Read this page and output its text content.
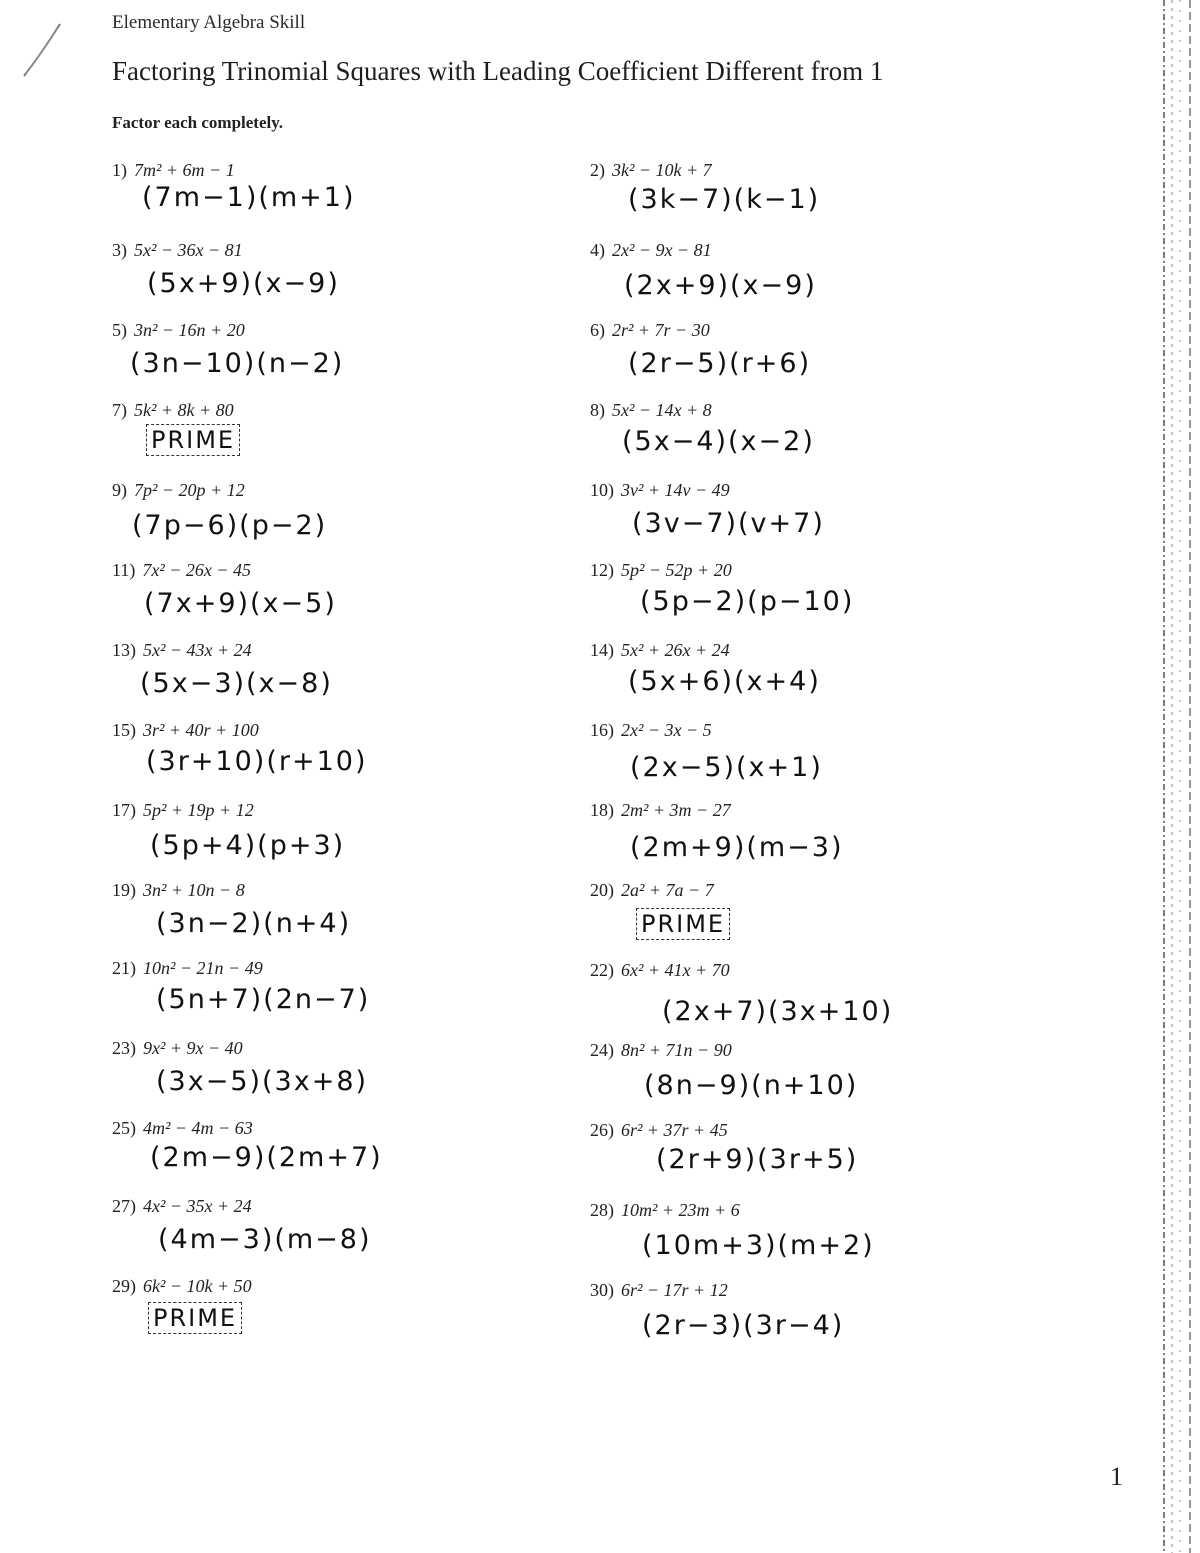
Elementary Algebra Skill
Factoring Trinomial Squares with Leading Coefficient Different from 1
Factor each completely.
1) 7m² + 6m − 1
(7m−1)(m+1)
3) 5x² − 36x − 81
(5x+9)(x−9)
5) 3n² − 16n + 20
(3n−10)(n−2)
7) 5k² + 8k + 80
PRIME
9) 7p² − 20p + 12
(7p−6)(p−2)
11) 7x² − 26x − 45
(7x+9)(x−5)
13) 5x² − 43x + 24
(5x−3)(x−8)
15) 3r² + 40r + 100
(3r+10)(r+10)
17) 5p² + 19p + 12
(5p+4)(p+3)
19) 3n² + 10n − 8
(3n−2)(n+4)
21) 10n² − 21n − 49
(5n+7)(2n−7)
23) 9x² + 9x − 40
(3x−5)(3x+8)
25) 4m² − 4m − 63
(2m−9)(2m+7)
27) 4x² − 35x + 24
(4m−3)(m−8)
29) 6k² − 10k + 50
PRIME
2) 3k² − 10k + 7
(3k−7)(k−1)
4) 2x² − 9x − 81
(2x+9)(x−9)
6) 2r² + 7r − 30
(2r−5)(r+6)
8) 5x² − 14x + 8
(5x−4)(x−2)
10) 3v² + 14v − 49
(3v−7)(v+7)
12) 5p² − 52p + 20
(5p−2)(p−10)
14) 5x² + 26x + 24
(5x+6)(x+4)
16) 2x² − 3x − 5
(2x−5)(x+1)
18) 2m² + 3m − 27
(2m+9)(m−3)
20) 2a² + 7a − 7
PRIME
22) 6x² + 41x + 70
(2x+7)(3x+10)
24) 8n² + 71n − 90
(8n−9)(n+10)
26) 6r² + 37r + 45
(2r+9)(3r+5)
28) 10m² + 23m + 6
(10m+3)(m+2)
30) 6r² − 17r + 12
(2r−3)(3r−4)
1
